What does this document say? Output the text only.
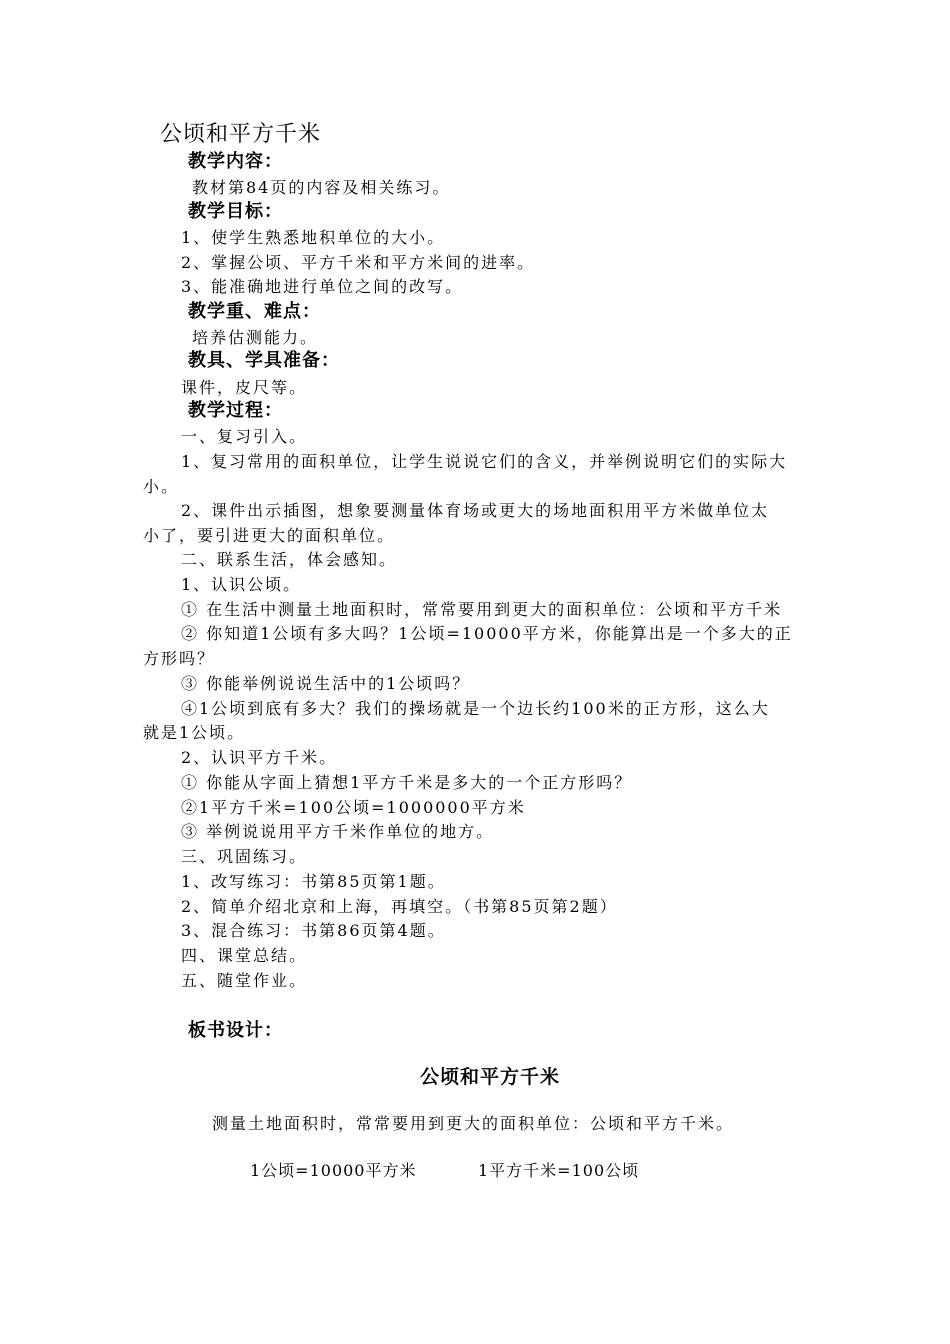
公顷和平方千米
教学内容：
教材第84页的内容及相关练习。
教学目标：
1、使学生熟悉地积单位的大小。
2、掌握公顷、平方千米和平方米间的进率。
3、能准确地进行单位之间的改写。
教学重、难点：
培养估测能力。
教具、学具准备：
课件，皮尺等。
教学过程：
一、复习引入。
1、复习常用的面积单位，让学生说说它们的含义，并举例说明它们的实际大
小。
2、课件出示插图，想象要测量体育场或更大的场地面积用平方米做单位太
小了，要引进更大的面积单位。
二、联系生活，体会感知。
1、认识公顷。
① 在生活中测量土地面积时，常常要用到更大的面积单位：公顷和平方千米
② 你知道1公顷有多大吗？1公顷=10000平方米，你能算出是一个多大的正
方形吗？
③ 你能举例说说生活中的1公顷吗？
④1公顷到底有多大？我们的操场就是一个边长约100米的正方形，这么大
就是1公顷。
2、认识平方千米。
① 你能从字面上猜想1平方千米是多大的一个正方形吗？
②1平方千米=100公顷=1000000平方米
③ 举例说说用平方千米作单位的地方。
三、巩固练习。
1、改写练习：书第85页第1题。
2、简单介绍北京和上海，再填空。（书第85页第2题）
3、混合练习：书第86页第4题。
四、课堂总结。
五、随堂作业。
板书设计：
公顷和平方千米
测量土地面积时，常常要用到更大的面积单位：公顷和平方千米。
1公顷=10000平方米	1平方千米=100公顷
